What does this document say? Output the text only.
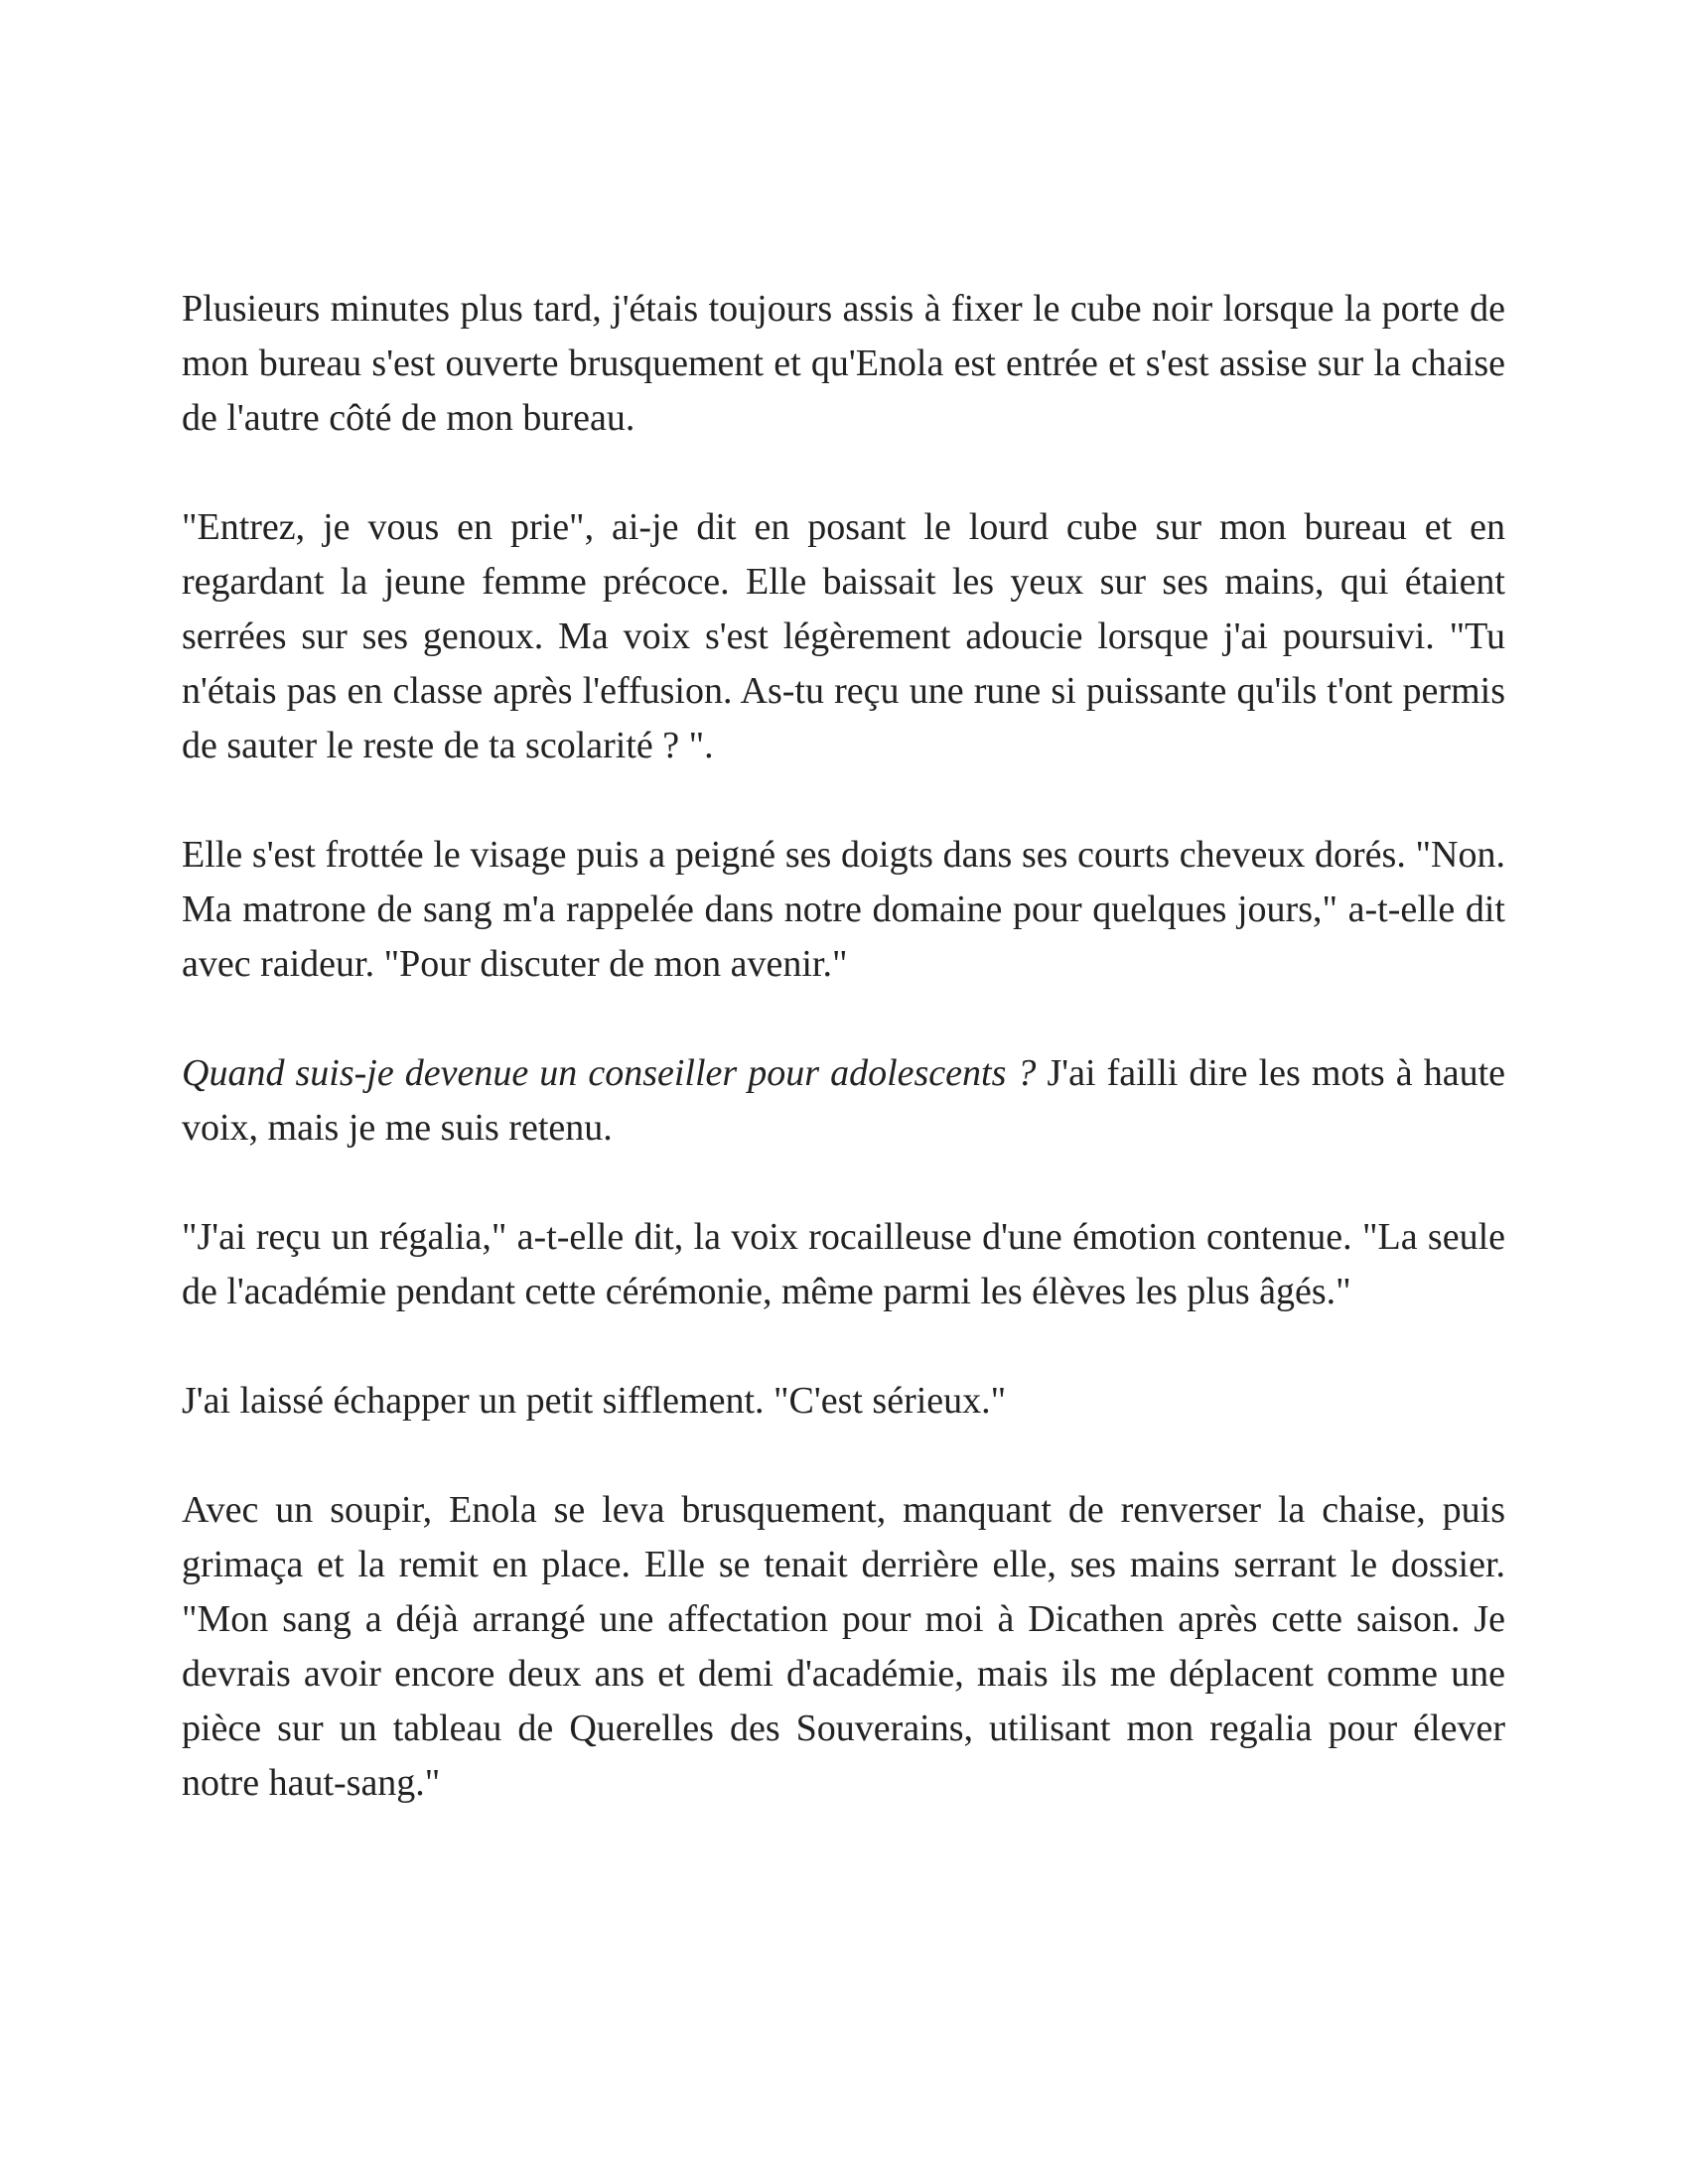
Plusieurs minutes plus tard, j'étais toujours assis à fixer le cube noir lorsque la porte de mon bureau s'est ouverte brusquement et qu'Enola est entrée et s'est assise sur la chaise de l'autre côté de mon bureau.

"Entrez, je vous en prie", ai-je dit en posant le lourd cube sur mon bureau et en regardant la jeune femme précoce. Elle baissait les yeux sur ses mains, qui étaient serrées sur ses genoux. Ma voix s'est légèrement adoucie lorsque j'ai poursuivi. "Tu n'étais pas en classe après l'effusion. As-tu reçu une rune si puissante qu'ils t'ont permis de sauter le reste de ta scolarité ? ".

Elle s'est frottée le visage puis a peigné ses doigts dans ses courts cheveux dorés. "Non. Ma matrone de sang m'a rappelée dans notre domaine pour quelques jours," a-t-elle dit avec raideur. "Pour discuter de mon avenir."

Quand suis-je devenue un conseiller pour adolescents ? J'ai failli dire les mots à haute voix, mais je me suis retenu.

"J'ai reçu un régalia," a-t-elle dit, la voix rocailleuse d'une émotion contenue. "La seule de l'académie pendant cette cérémonie, même parmi les élèves les plus âgés."

J'ai laissé échapper un petit sifflement. "C'est sérieux."

Avec un soupir, Enola se leva brusquement, manquant de renverser la chaise, puis grimaça et la remit en place. Elle se tenait derrière elle, ses mains serrant le dossier. "Mon sang a déjà arrangé une affectation pour moi à Dicathen après cette saison. Je devrais avoir encore deux ans et demi d'académie, mais ils me déplacent comme une pièce sur un tableau de Querelles des Souverains, utilisant mon regalia pour élever notre haut-sang."
